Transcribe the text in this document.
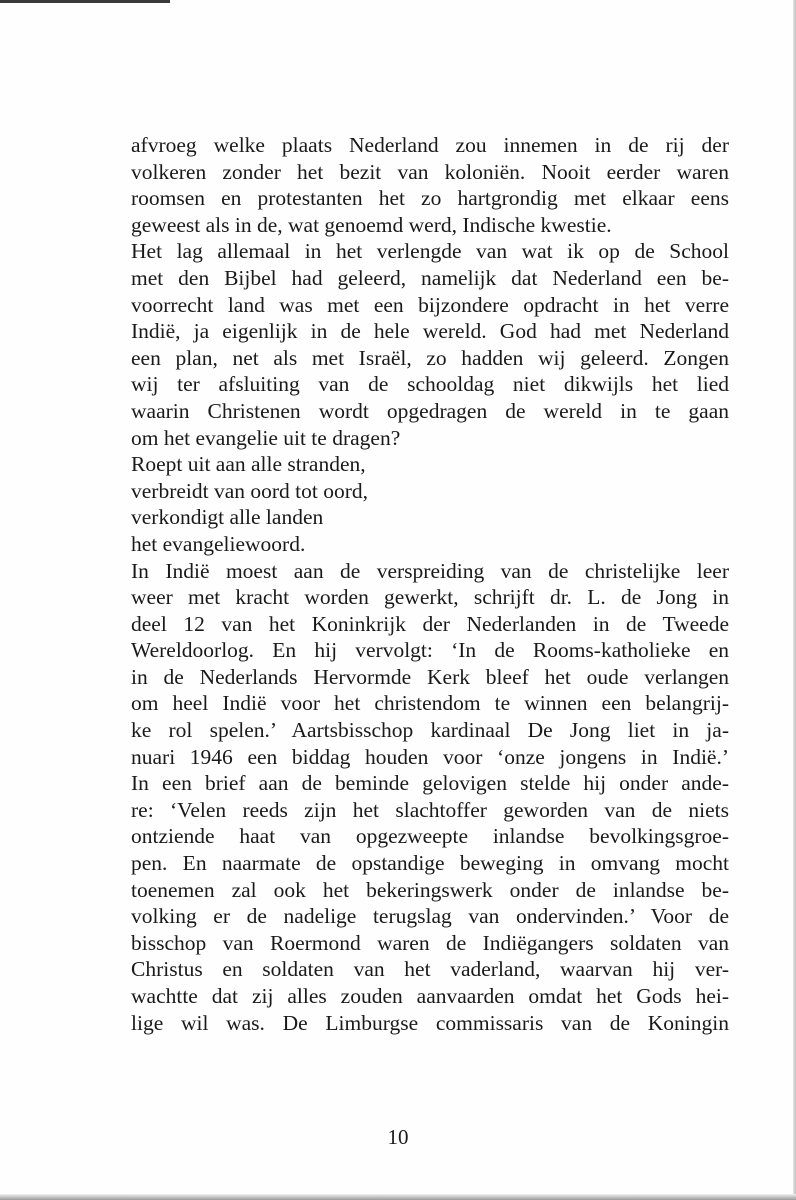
afvroeg welke plaats Nederland zou innemen in de rij der
volkeren zonder het bezit van koloniën. Nooit eerder waren
roomsen en protestanten het zo hartgrondig met elkaar eens
geweest als in de, wat genoemd werd, Indische kwestie.
Het lag allemaal in het verlengde van wat ik op de School
met den Bijbel had geleerd, namelijk dat Nederland een be-
voorrecht land was met een bijzondere opdracht in het verre
Indië, ja eigenlijk in de hele wereld. God had met Nederland
een plan, net als met Israël, zo hadden wij geleerd. Zongen
wij ter afsluiting van de schooldag niet dikwijls het lied
waarin Christenen wordt opgedragen de wereld in te gaan
om het evangelie uit te dragen?
Roept uit aan alle stranden,
verbreidt van oord tot oord,
verkondigt alle landen
het evangeliewoord.
In Indië moest aan de verspreiding van de christelijke leer
weer met kracht worden gewerkt, schrijft dr. L. de Jong in
deel 12 van het Koninkrijk der Nederlanden in de Tweede
Wereldoorlog. En hij vervolgt: ‘In de Rooms-katholieke en
in de Nederlands Hervormde Kerk bleef het oude verlangen
om heel Indië voor het christendom te winnen een belangrij-
ke rol spelen.’ Aartsbisschop kardinaal De Jong liet in ja-
nuari 1946 een biddag houden voor ‘onze jongens in Indië.’
In een brief aan de beminde gelovigen stelde hij onder ande-
re: ‘Velen reeds zijn het slachtoffer geworden van de niets
ontziende haat van opgezweepte inlandse bevolkingsgroe-
pen. En naarmate de opstandige beweging in omvang mocht
toenemen zal ook het bekeringswerk onder de inlandse be-
volking er de nadelige terugslag van ondervinden.’ Voor de
bisschop van Roermond waren de Indiëgangers soldaten van
Christus en soldaten van het vaderland, waarvan hij ver-
wachtte dat zij alles zouden aanvaarden omdat het Gods hei-
lige wil was. De Limburgse commissaris van de Koningin
10
